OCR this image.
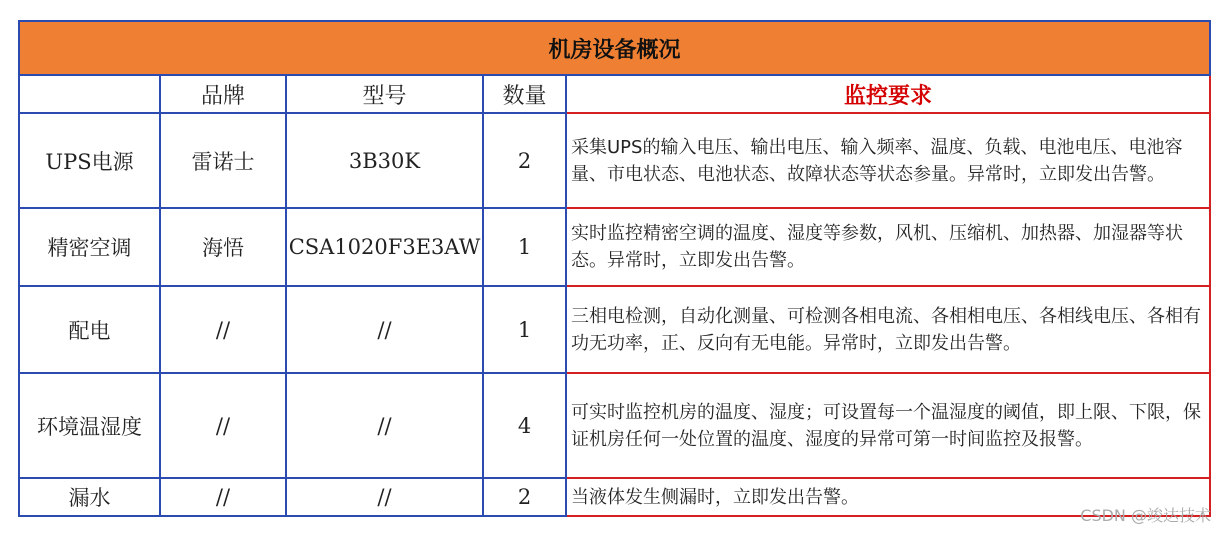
机房设备概况				
	品牌	型号	数量	监控要求
UPS电源	雷诺士	3B30K	2	采集UPS的输入电压、输出电压、输入频率、温度、负载、电池电压、电池容量、市电状态、电池状态、故障状态等状态参量。异常时，立即发出告警。
精密空调	海悟	CSA1020F3E3AW	1	实时监控精密空调的温度、湿度等参数，风机、压缩机、加热器、加湿器等状态。异常时，立即发出告警。
配电	//	//	1	三相电检测，自动化测量、可检测各相电流、各相相电压、各相线电压、各相有功无功率，正、反向有无电能。异常时，立即发出告警。
环境温湿度	//	//	4	可实时监控机房的温度、湿度；可设置每一个温湿度的阈值，即上限、下限，保证机房任何一处位置的温度、湿度的异常可第一时间监控及报警。
漏水	//	//	2	当液体发生侧漏时，立即发出告警。
CSDN @竣达技术
